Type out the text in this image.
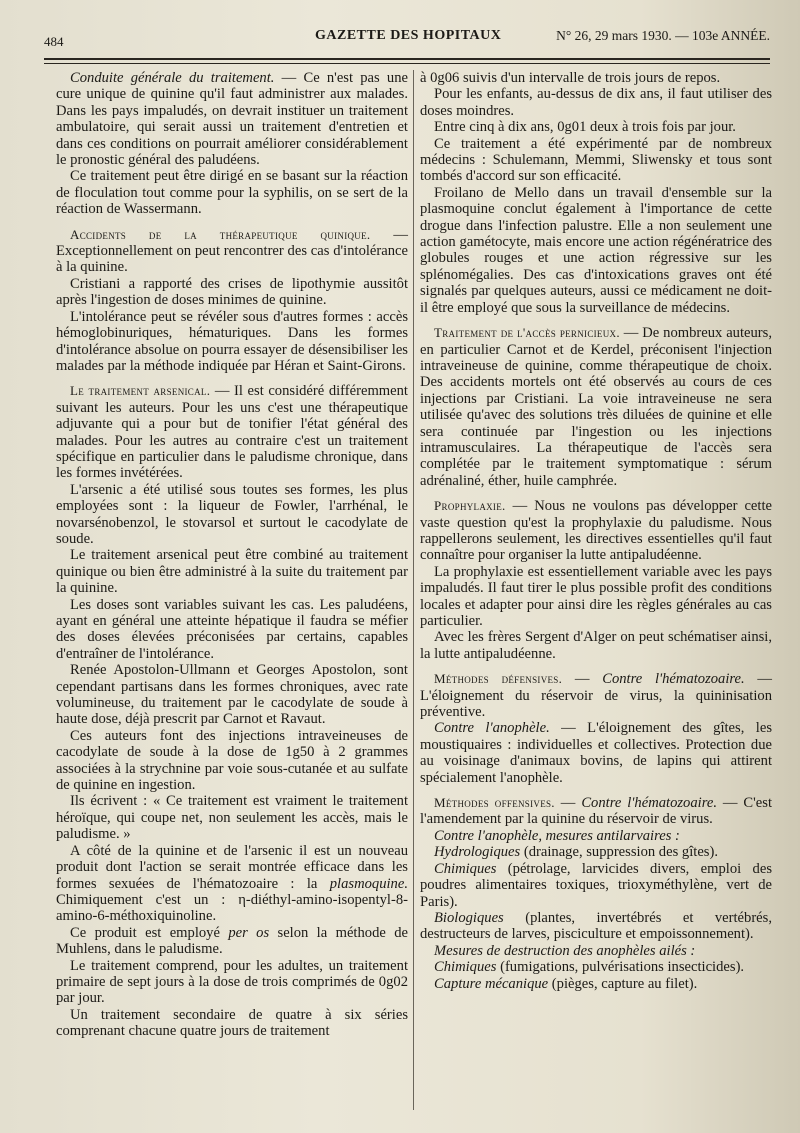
484	GAZETTE DES HOPITAUX	N° 26, 29 mars 1930. — 103e ANNÉE.

Conduite générale du traitement. — Ce n'est pas une cure unique de quinine qu'il faut administrer aux malades. Dans les pays impaludés, on devrait instituer un traitement ambulatoire, qui serait aussi un traitement d'entretien et dans ces conditions on pourrait améliorer considérablement le pronostic général des paludéens.

Ce traitement peut être dirigé en se basant sur la réaction de floculation tout comme pour la syphilis, on se sert de la réaction de Wassermann.

Accidents de la thérapeutique quinique. — Exceptionnellement on peut rencontrer des cas d'intolérance à la quinine.

Cristiani a rapporté des crises de lipothymie aussitôt après l'ingestion de doses minimes de quinine.

L'intolérance peut se révéler sous d'autres formes : accès hémoglobinuriques, hématuriques. Dans les formes d'intolérance absolue on pourra essayer de désensibiliser les malades par la méthode indiquée par Héran et Saint-Girons.

Le traitement arsenical. — Il est considéré différemment suivant les auteurs. Pour les uns c'est une thérapeutique adjuvante qui a pour but de tonifier l'état général des malades. Pour les autres au contraire c'est un traitement spécifique en particulier dans le paludisme chronique, dans les formes invétérées.

L'arsenic a été utilisé sous toutes ses formes, les plus employées sont : la liqueur de Fowler, l'arrhénal, le novarsénobenzol, le stovarsol et surtout le cacodylate de soude.

Le traitement arsenical peut être combiné au traitement quinique ou bien être administré à la suite du traitement par la quinine.

Les doses sont variables suivant les cas. Les paludéens, ayant en général une atteinte hépatique il faudra se méfier des doses élevées préconisées par certains, capables d'entraîner de l'intolérance.

Renée Apostolon-Ullmann et Georges Apostolon, sont cependant partisans dans les formes chroniques, avec rate volumineuse, du traitement par le cacodylate de soude à haute dose, déjà prescrit par Carnot et Ravaut.

Ces auteurs font des injections intraveineuses de cacodylate de soude à la dose de 1g50 à 2 grammes associées à la strychnine par voie sous-cutanée et au sulfate de quinine en ingestion.

Ils écrivent : « Ce traitement est vraiment le traitement héroïque, qui coupe net, non seulement les accès, mais le paludisme. »

A côté de la quinine et de l'arsenic il est un nouveau produit dont l'action se serait montrée efficace dans les formes sexuées de l'hématozoaire : la plasmoquine. Chimiquement c'est un : η-diéthyl-amino-isopentyl-8-amino-6-méthoxiquinoline.

Ce produit est employé per os selon la méthode de Muhlens, dans le paludisme.

Le traitement comprend, pour les adultes, un traitement primaire de sept jours à la dose de trois comprimés de 0g02 par jour.

Un traitement secondaire de quatre à six séries comprenant chacune quatre jours de traitement

à 0g06 suivis d'un intervalle de trois jours de repos.

Pour les enfants, au-dessus de dix ans, il faut utiliser des doses moindres.

Entre cinq à dix ans, 0g01 deux à trois fois par jour.

Ce traitement a été expérimenté par de nombreux médecins : Schulemann, Memmi, Sliwensky et tous sont tombés d'accord sur son efficacité.

Froilano de Mello dans un travail d'ensemble sur la plasmoquine conclut également à l'importance de cette drogue dans l'infection palustre. Elle a non seulement une action gamétocyte, mais encore une action régénératrice des globules rouges et une action régressive sur les splénomégalies. Des cas d'intoxications graves ont été signalés par quelques auteurs, aussi ce médicament ne doit-il être employé que sous la surveillance de médecins.

Traitement de l'accès pernicieux. — De nombreux auteurs, en particulier Carnot et de Kerdel, préconisent l'injection intraveineuse de quinine, comme thérapeutique de choix. Des accidents mortels ont été observés au cours de ces injections par Cristiani. La voie intraveineuse ne sera utilisée qu'avec des solutions très diluées de quinine et elle sera continuée par l'ingestion ou les injections intramusculaires. La thérapeutique de l'accès sera complétée par le traitement symptomatique : sérum adrénaliné, éther, huile camphrée.

Prophylaxie. — Nous ne voulons pas développer cette vaste question qu'est la prophylaxie du paludisme. Nous rappellerons seulement, les directives essentielles qu'il faut connaître pour organiser la lutte antipaludéenne.

La prophylaxie est essentiellement variable avec les pays impaludés. Il faut tirer le plus possible profit des conditions locales et adapter pour ainsi dire les règles générales au cas particulier.

Avec les frères Sergent d'Alger on peut schématiser ainsi, la lutte antipaludéenne.

Méthodes défensives. — Contre l'hématozoaire. — L'éloignement du réservoir de virus, la quininisation préventive.

Contre l'anophèle. — L'éloignement des gîtes, les moustiquaires : individuelles et collectives. Protection due au voisinage d'animaux bovins, de lapins qui attirent spécialement l'anophèle.

Méthodes offensives. — Contre l'hématozoaire. — C'est l'amendement par la quinine du réservoir de virus.

Contre l'anophèle, mesures antilarvaires :

Hydrologiques (drainage, suppression des gîtes).

Chimiques (pétrolage, larvicides divers, emploi des poudres alimentaires toxiques, trioxyméthylène, vert de Paris).

Biologiques (plantes, invertébrés et vertébrés, destructeurs de larves, pisciculture et empoissonnement).

Mesures de destruction des anophèles ailés :

Chimiques (fumigations, pulvérisations insecticides).

Capture mécanique (pièges, capture au filet).
